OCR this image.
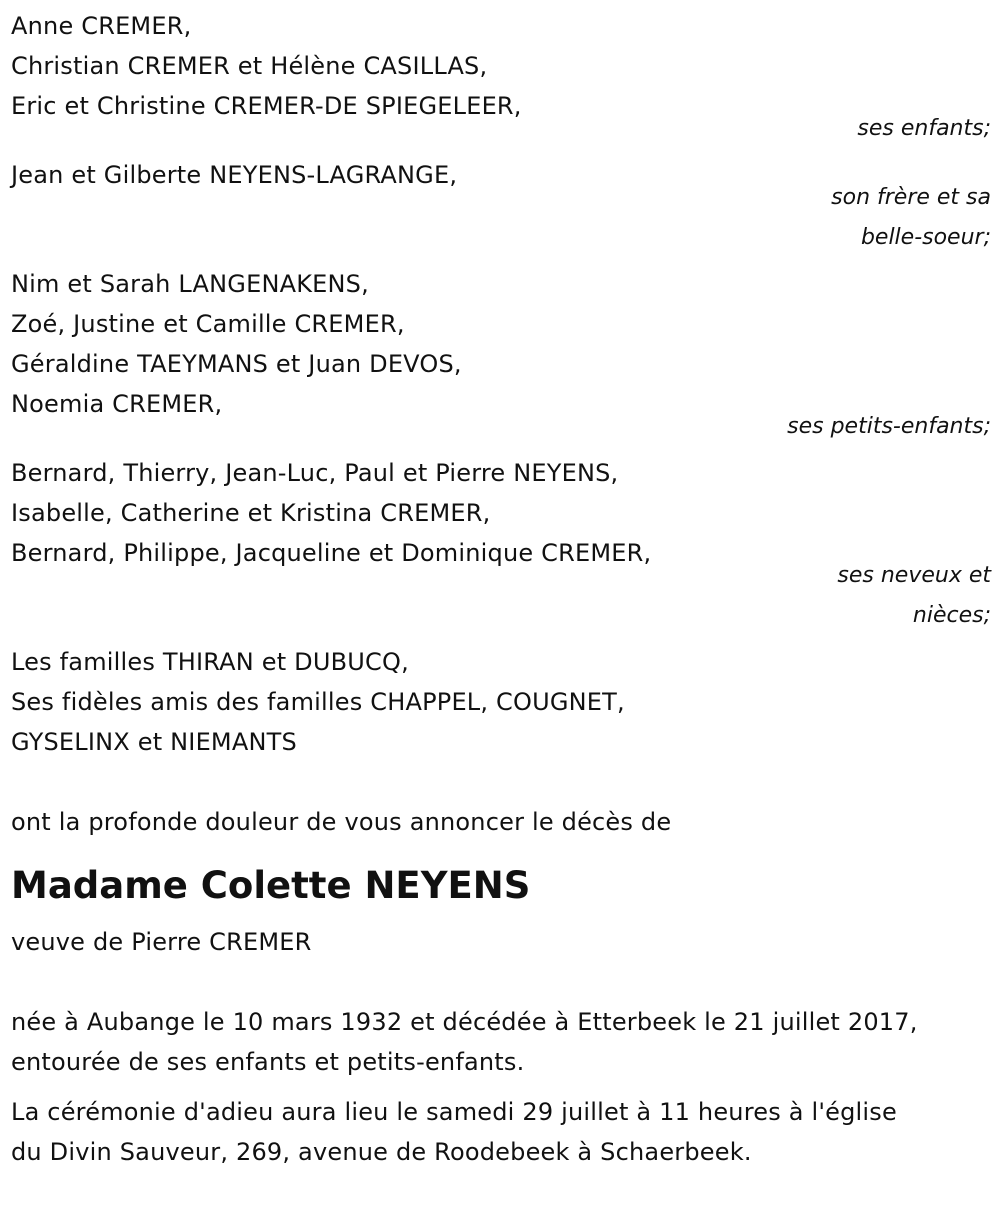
Anne CREMER,
Christian CREMER et Hélène CASILLAS,
Eric et Christine CREMER-DE SPIEGELEER,
ses enfants;
Jean et Gilberte NEYENS-LAGRANGE,
son frère et sa
belle-soeur;
Nim et Sarah LANGENAKENS,
Zoé, Justine et Camille CREMER,
Géraldine TAEYMANS et Juan DEVOS,
Noemia CREMER,
ses petits-enfants;
Bernard, Thierry, Jean-Luc, Paul et Pierre NEYENS,
Isabelle, Catherine et Kristina CREMER,
Bernard, Philippe, Jacqueline et Dominique CREMER,
ses neveux et
nièces;
Les familles THIRAN et DUBUCQ,
Ses fidèles amis des familles CHAPPEL, COUGNET,
GYSELINX et NIEMANTS
ont la profonde douleur de vous annoncer le décès de
Madame Colette NEYENS
veuve de Pierre CREMER
née à Aubange le 10 mars 1932 et décédée à Etterbeek le 21 juillet 2017,
entourée de ses enfants et petits-enfants.
La cérémonie d'adieu aura lieu le samedi 29 juillet à 11 heures à l'église
du Divin Sauveur, 269, avenue de Roodebeek à Schaerbeek.
